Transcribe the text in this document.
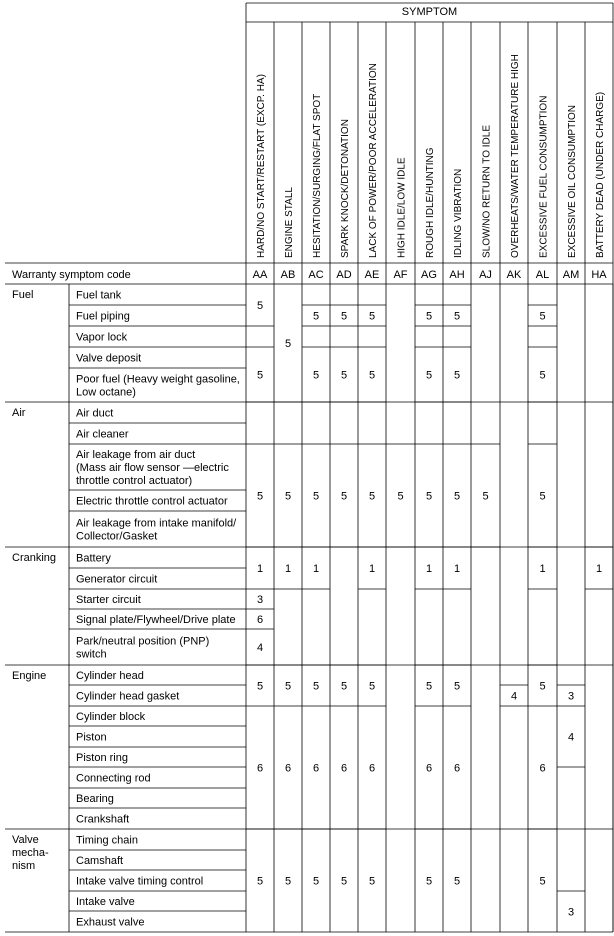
SYMPTOM
HARD/NO START/RESTART (EXCP. HA)
AA
ENGINE STALL
AB
HESITATION/SURGING/FLAT SPOT
AC
SPARK KNOCK/DETONATION
AD
LACK OF POWER/POOR ACCELERATION
AE
HIGH IDLE/LOW IDLE
AF
ROUGH IDLE/HUNTING
AG
IDLING VIBRATION
AH
SLOW/NO RETURN TO IDLE
AJ
OVERHEATS/WATER TEMPERATURE HIGH
AK
EXCESSIVE FUEL CONSUMPTION
AL
EXCESSIVE OIL CONSUMPTION
AM
BATTERY DEAD (UNDER CHARGE)
HA
Warranty symptom code
Fuel
Air
Cranking
Engine
Valve
mecha-
nism
Fuel tank
Fuel piping
Vapor lock
Valve deposit
Poor fuel (Heavy weight gasoline,
Low octane)
Air duct
Air cleaner
Air leakage from air duct
(Mass air flow sensor —electric
throttle control actuator)
Electric throttle control actuator
Air leakage from intake manifold/
Collector/Gasket
Battery
Generator circuit
Starter circuit
Signal plate/Flywheel/Drive plate
Park/neutral position (PNP)
switch
Cylinder head
Cylinder head gasket
Cylinder block
Piston
Piston ring
Connecting rod
Bearing
Crankshaft
Timing chain
Camshaft
Intake valve timing control
Intake valve
Exhaust valve
5
5
5
1
3
6
4
5
6
5
5
5
1
5
6
5
5
5
5
1
5
6
5
5
5
5
5
6
5
5
5
5
1
5
6
5
5
5
5
5
1
5
6
5
5
5
5
1
5
6
5
5
4
5
5
5
1
5
6
5
3
4
3
1
